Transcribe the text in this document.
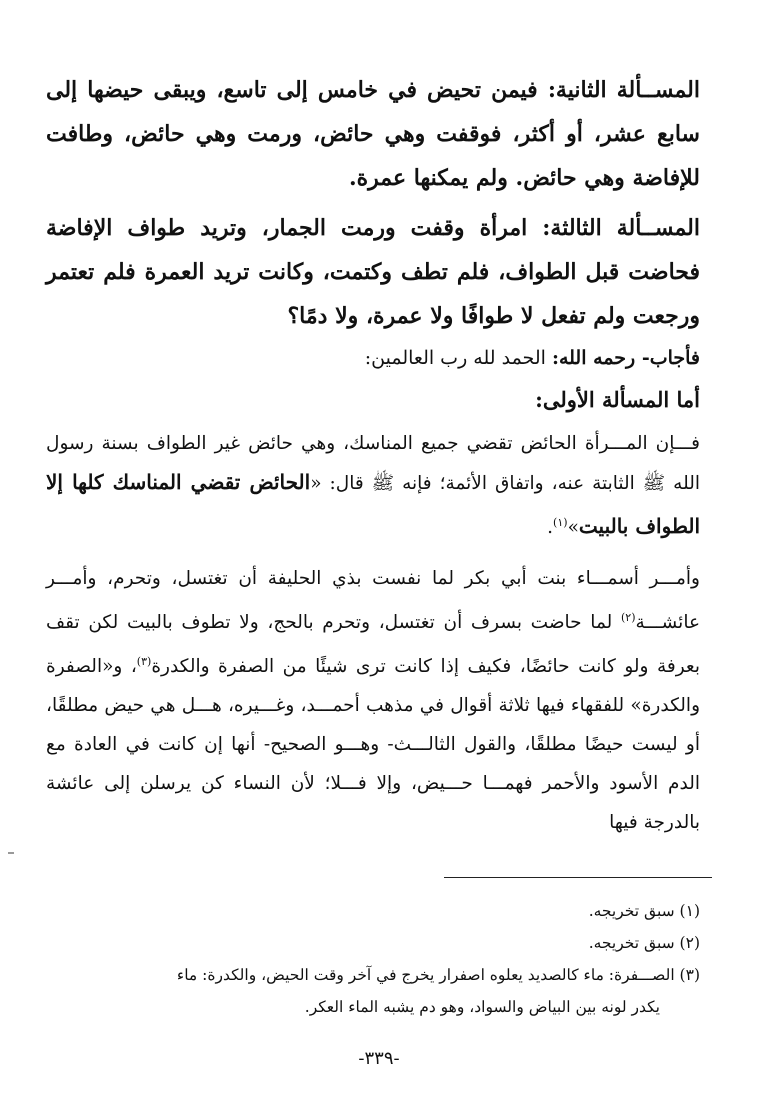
المســألة الثانية: فيمن تحيض في خامس إلى تاسع، ويبقى حيضها إلى سابع عشر، أو أكثر، فوقفت وهي حائض، ورمت وهي حائض، وطافت للإفاضة وهي حائض. ولم يمكنها عمرة.

المســألة الثالثة: امرأة وقفت ورمت الجمار، وتريد طواف الإفاضة فحاضت قبل الطواف، فلم تطف وكتمت، وكانت تريد العمرة فلم تعتمر ورجعت ولم تفعل لا طوافًا ولا عمرة، ولا دمًا؟

فأجاب- رحمه الله: الحمد لله رب العالمين:

أما المسألة الأولى:

فـــإن المـــرأة الحائض تقضي جميع المناسك، وهي حائض غير الطواف بسنة رسول الله ﷺ الثابتة عنه، واتفاق الأئمة؛ فإنه ﷺ قال: «الحائض تقضي المناسك كلها إلا الطواف بالبيت»$^{(١)}$.

وأمـــر أسمـــاء بنت أبي بكر لما نفست بذي الحليفة أن تغتسل، وتحرم، وأمـــر عائشـــة$^{(٢)}$ لما حاضت بسرف أن تغتسل، وتحرم بالحج، ولا تطوف بالبيت لكن تقف بعرفة ولو كانت حائضًا، فكيف إذا كانت ترى شيئًا من الصفرة والكدرة$^{(٣)}$، و«الصفرة والكدرة» للفقهاء فيها ثلاثة أقوال في مذهب أحمـــد، وغـــيره، هـــل هي حيض مطلقًا، أو ليست حيضًا مطلقًا، والقول الثالـــث- وهـــو الصحيح- أنها إن كانت في العادة مع الدم الأسود والأحمر فهمـــا حـــيض، وإلا فـــلا؛ لأن النساء كن يرسلن إلى عائشة بالدرجة فيها

(١) سبق تخريجه.

(٢) سبق تخريجه.

(٣) الصـــفرة: ماء كالصديد يعلوه اصفرار يخرج في آخر وقت الحيض، والكدرة: ماء

يكدر لونه بين البياض والسواد، وهو دم يشبه الماء العكر.

-٣٣٩-
